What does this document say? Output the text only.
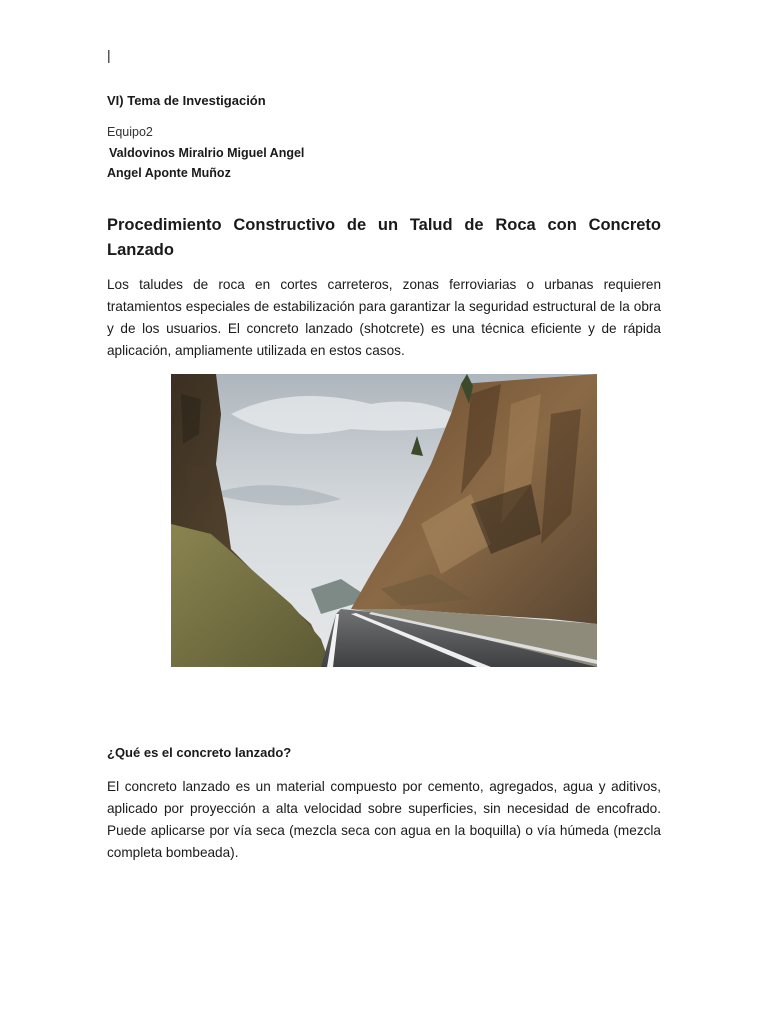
|
VI) Tema de Investigación
Equipo2
Valdovinos Miralrio Miguel Angel
Angel Aponte Muñoz
Procedimiento Constructivo de un Talud de Roca con Concreto Lanzado

Los taludes de roca en cortes carreteros, zonas ferroviarias o urbanas requieren tratamientos especiales de estabilización para garantizar la seguridad estructural de la obra y de los usuarios. El concreto lanzado (shotcrete) es una técnica eficiente y de rápida aplicación, ampliamente utilizada en estos casos.

¿Qué es el concreto lanzado?

El concreto lanzado es un material compuesto por cemento, agregados, agua y aditivos, aplicado por proyección a alta velocidad sobre superficies, sin necesidad de encofrado. Puede aplicarse por vía seca (mezcla seca con agua en la boquilla) o vía húmeda (mezcla completa bombeada).
